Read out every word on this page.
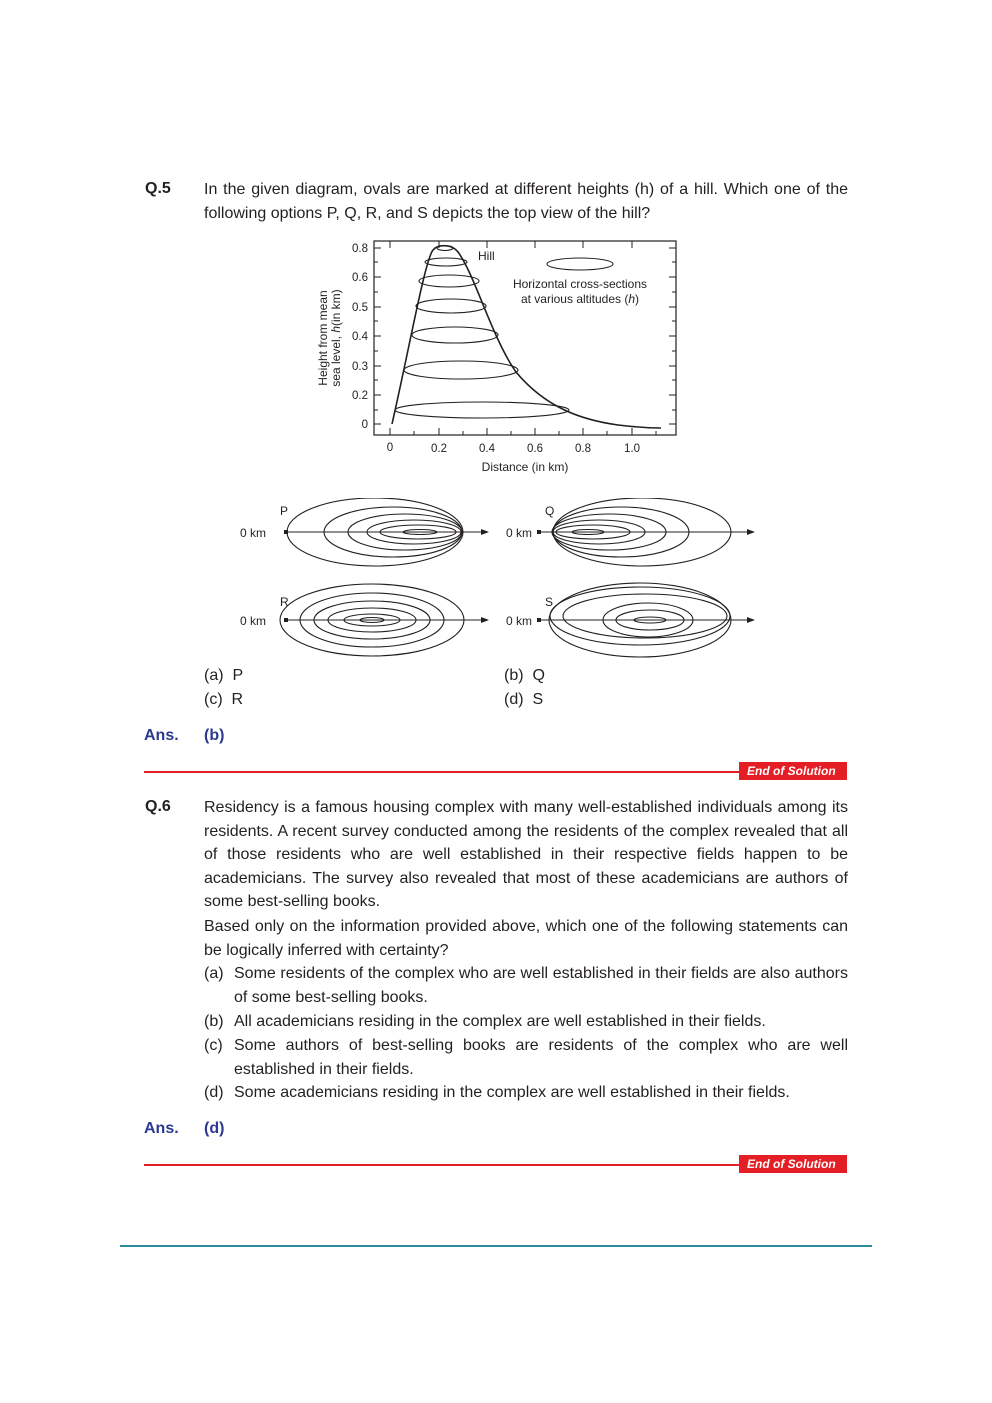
Q.5 In the given diagram, ovals are marked at different heights (h) of a hill. Which one of the following options P, Q, R, and S depicts the top view of the hill?
0
0.2
0.3
0.4
0.5
0.6
0.8
0	0.2	0.4	0.6	0.8	1.0
Distance (in km)
Height from mean sea level, h(in km)
Hill
Horizontal cross-sections
at various altitudes (h)
P
0 km
Q
0 km
R
0 km
S
0 km
(a) P	(b) Q
(c) R	(d) S
Ans. (b)
End of Solution
Q.6 Residency is a famous housing complex with many well-established individuals among its residents. A recent survey conducted among the residents of the complex revealed that all of those residents who are well established in their respective fields happen to be academicians. The survey also revealed that most of these academicians are authors of some best-selling books.
Based only on the information provided above, which one of the following statements can be logically inferred with certainty?
(a) Some residents of the complex who are well established in their fields are also authors of some best-selling books.
(b) All academicians residing in the complex are well established in their fields.
(c) Some authors of best-selling books are residents of the complex who are well established in their fields.
(d) Some academicians residing in the complex are well established in their fields.
Ans. (d)
End of Solution
